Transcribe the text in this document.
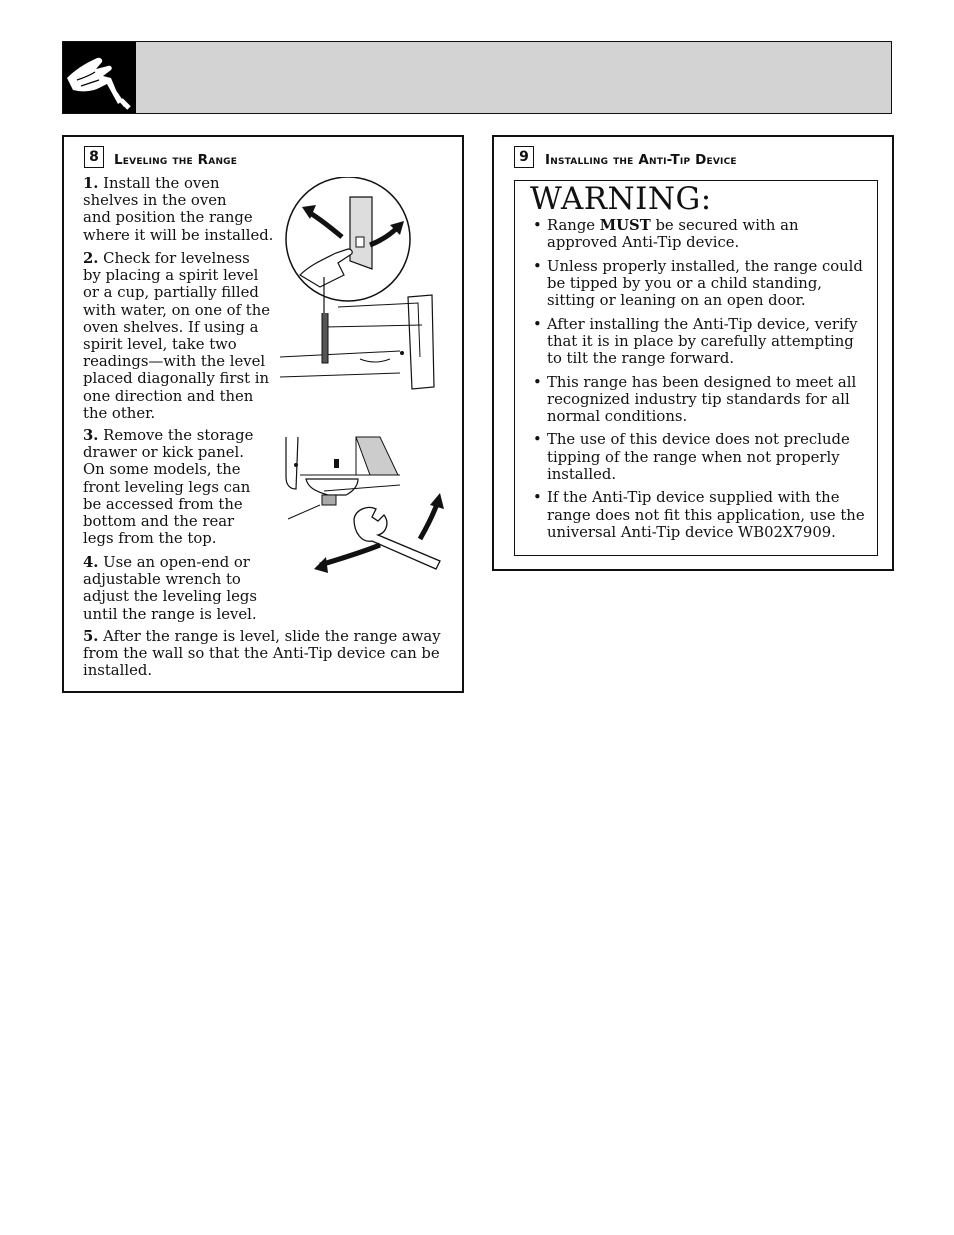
8	Leveling the Range
1. Install the oven
shelves in the oven
and position the range
where it will be installed.
2. Check for levelness
by placing a spirit level
or a cup, partially filled
with water, on one of the
oven shelves. If using a
spirit level, take two
readings—with the level
placed diagonally first in
one direction and then
the other.
3. Remove the storage
drawer or kick panel.
On some models, the
front leveling legs can
be accessed from the
bottom and the rear
legs from the top.
4. Use an open-end or
adjustable wrench to
adjust the leveling legs
until the range is level.
5. After the range is level, slide the range away
from the wall so that the Anti-Tip device can be
installed.
9	Installing the Anti-Tip Device
WARNING:
• Range MUST be secured with an
approved Anti-Tip device.
• Unless properly installed, the range could
be tipped by you or a child standing,
sitting or leaning on an open door.
• After installing the Anti-Tip device, verify
that it is in place by carefully attempting
to tilt the range forward.
• This range has been designed to meet all
recognized industry tip standards for all
normal conditions.
• The use of this device does not preclude
tipping of the range when not properly
installed.
• If the Anti-Tip device supplied with the
range does not fit this application, use the
universal Anti-Tip device WB02X7909.
